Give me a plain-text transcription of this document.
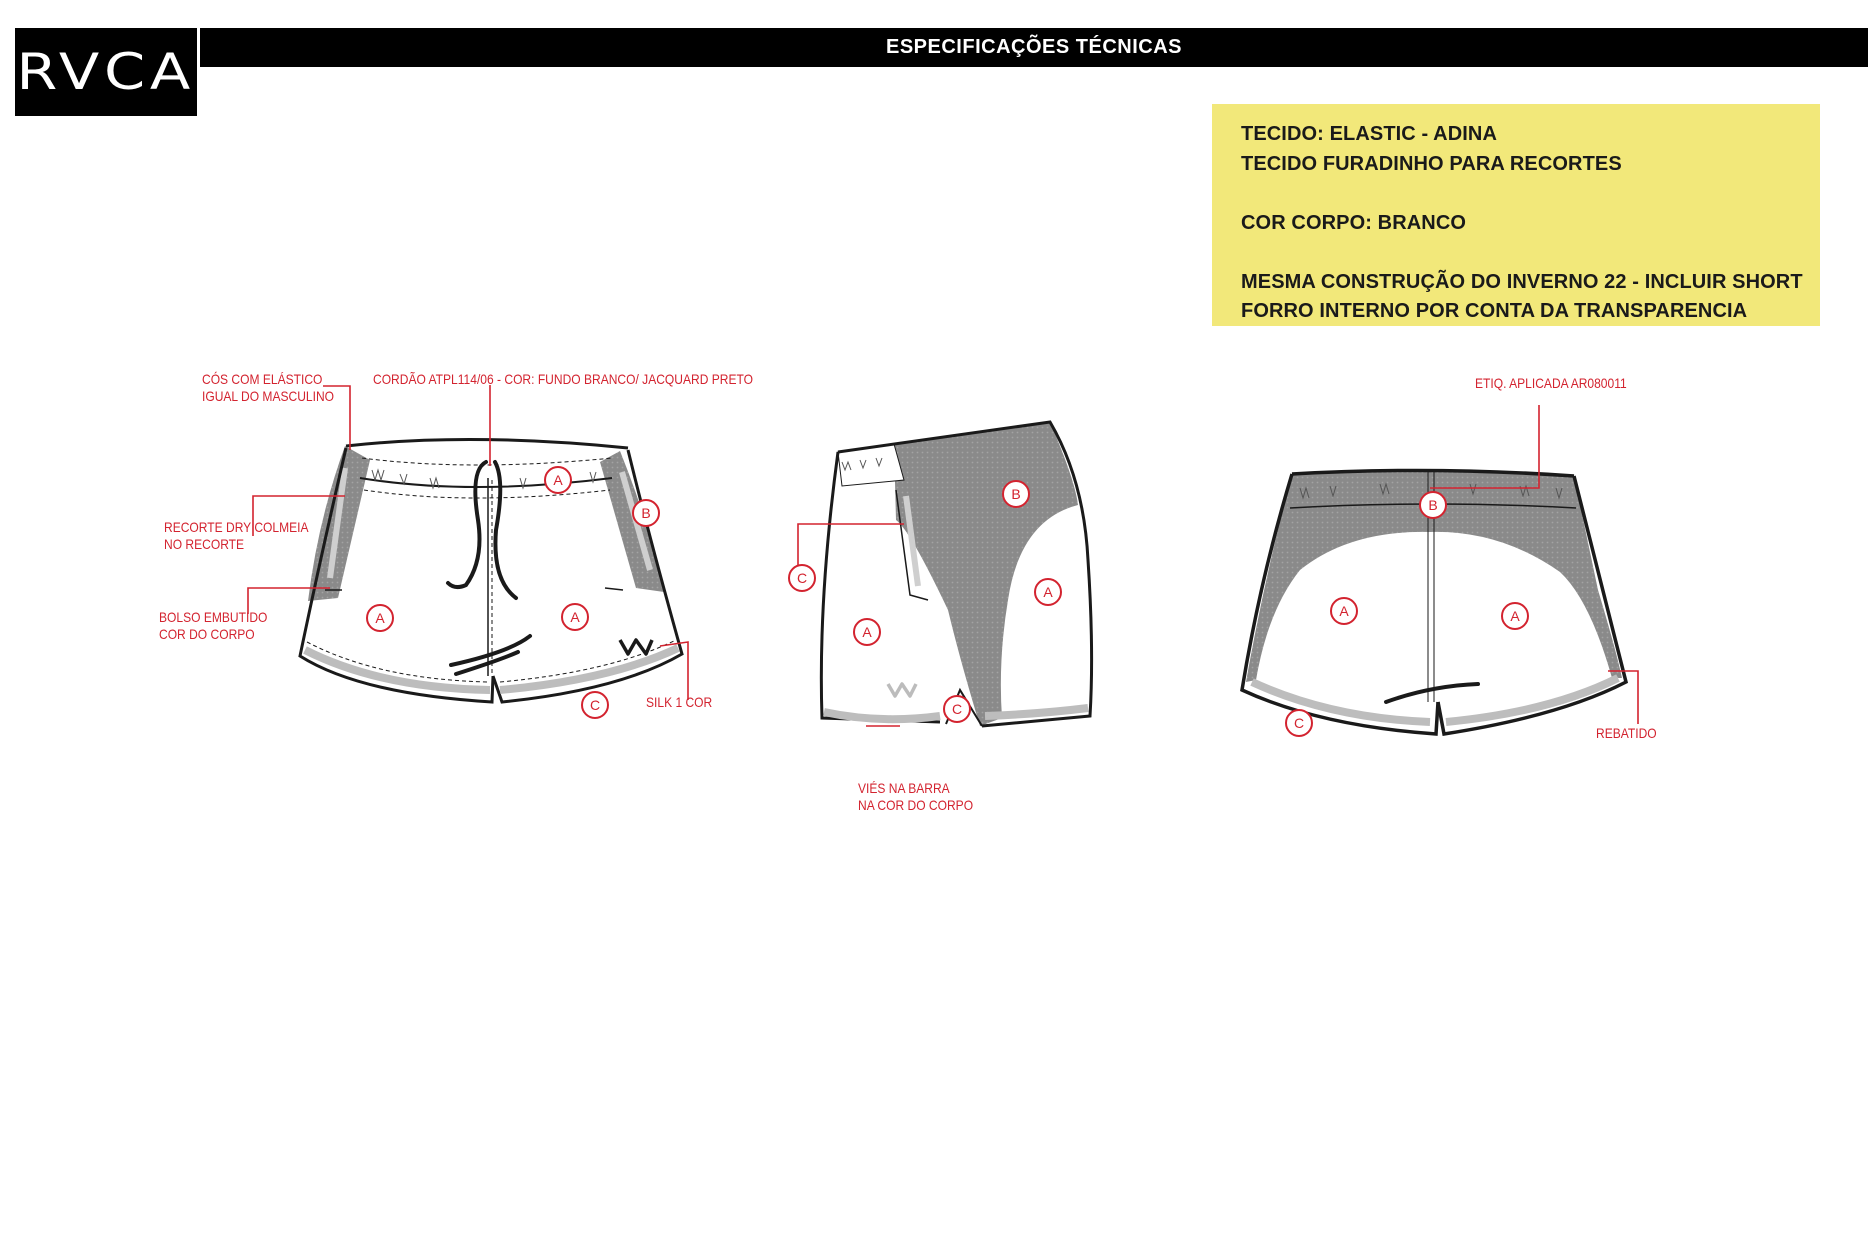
RVCA	ESPECIFICAÇÕES TÉCNICAS

TECIDO: ELASTIC - ADINA

TECIDO FURADINHO PARA RECORTES

COR CORPO: BRANCO

MESMA CONSTRUÇÃO DO INVERNO 22 - INCLUIR SHORT

FORRO INTERNO POR CONTA DA TRANSPARENCIA

A
B
A	A
C
B
C
A
A
C
B
A	A
C
CÓS COM ELÁSTICO
IGUAL DO MASCULINO
CORDÃO ATPL114/06 - COR: FUNDO BRANCO/ JACQUARD PRETO
RECORTE DRY COLMEIA
NO RECORTE
BOLSO EMBUTIDO
COR DO CORPO
SILK 1 COR
VIÉS NA BARRA
NA COR DO CORPO
ETIQ. APLICADA AR080011
REBATIDO
